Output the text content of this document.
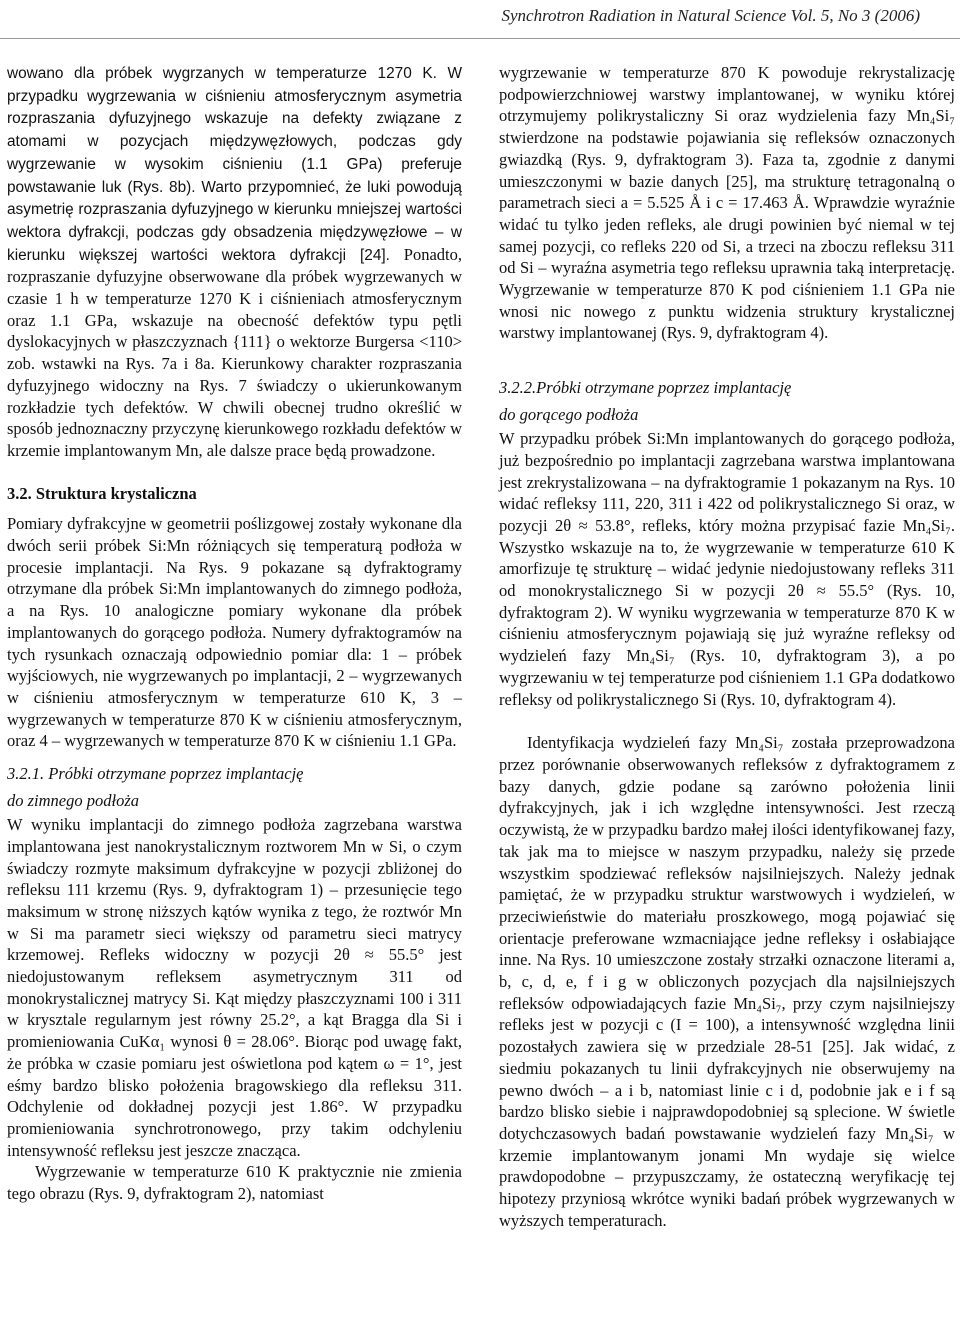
Synchrotron Radiation in Natural Science Vol. 5, No 3 (2006)

wowano dla próbek wygrzanych w temperaturze 1270 K. W przypadku wygrzewania w ciśnieniu atmosferycznym asymetria rozpraszania dyfuzyjnego wskazuje na defekty związane z atomami w pozycjach międzywęzłowych, podczas gdy wygrzewanie w wysokim ciśnieniu (1.1 GPa) preferuje powstawanie luk (Rys. 8b). Warto przypomnieć, że luki powodują asymetrię rozpraszania dyfuzyjnego w kierunku mniejszej wartości wektora dyfrakcji, podczas gdy obsadzenia międzywęzłowe – w kierunku większej wartości wektora dyfrakcji [24]. Ponadto, rozpraszanie dyfuzyjne obserwowane dla próbek wygrzewanych w czasie 1 h w temperaturze 1270 K i ciśnieniach atmosferycznym oraz 1.1 GPa, wskazuje na obecność defektów typu pętli dyslokacyjnych w płaszczyznach {111} o wektorze Burgersa <110> zob. wstawki na Rys. 7a i 8a. Kierunkowy charakter rozpraszania dyfuzyjnego widoczny na Rys. 7 świadczy o ukierunkowanym rozkładzie tych defektów. W chwili obecnej trudno określić w sposób jednoznaczny przyczynę kierunkowego rozkładu defektów w krzemie implantowanym Mn, ale dalsze prace będą prowadzone.

3.2. Struktura krystaliczna

Pomiary dyfrakcyjne w geometrii poślizgowej zostały wykonane dla dwóch serii próbek Si:Mn różniących się temperaturą podłoża w procesie implantacji. Na Rys. 9 pokazane są dyfraktogramy otrzymane dla próbek Si:Mn implantowanych do zimnego podłoża, a na Rys. 10 analogiczne pomiary wykonane dla próbek implantowanych do gorącego podłoża. Numery dyfraktogramów na tych rysunkach oznaczają odpowiednio pomiar dla: 1 – próbek wyjściowych, nie wygrzewanych po implantacji, 2 – wygrzewanych w ciśnieniu atmosferycznym w temperaturze 610 K, 3 – wygrzewanych w temperaturze 870 K w ciśnieniu atmosferycznym, oraz 4 – wygrzewanych w temperaturze 870 K w ciśnieniu 1.1 GPa.

3.2.1. Próbki otrzymane poprzez implantację
do zimnego podłoża

W wyniku implantacji do zimnego podłoża zagrzebana warstwa implantowana jest nanokrystalicznym roztworem Mn w Si, o czym świadczy rozmyte maksimum dyfrakcyjne w pozycji zbliżonej do refleksu 111 krzemu (Rys. 9, dyfraktogram 1) – przesunięcie tego maksimum w stronę niższych kątów wynika z tego, że roztwór Mn w Si ma parametr sieci większy od parametru sieci matrycy krzemowej. Refleks widoczny w pozycji 2θ ≈ 55.5° jest niedojustowanym refleksem asymetrycznym 311 od monokrystalicznej matrycy Si. Kąt między płaszczyznami 100 i 311 w krysztale regularnym jest równy 25.2°, a kąt Bragga dla Si i promieniowania CuKα₁ wynosi θ = 28.06°. Biorąc pod uwagę fakt, że próbka w czasie pomiaru jest oświetlona pod kątem ω = 1°, jest eśmy bardzo blisko położenia bragowskiego dla refleksu 311. Odchylenie od dokładnej pozycji jest 1.86°. W przypadku promieniowania synchrotronowego, przy takim odchyleniu intensywność refleksu jest jeszcze znacząca.

Wygrzewanie w temperaturze 610 K praktycznie nie zmienia tego obrazu (Rys. 9, dyfraktogram 2), natomiast

wygrzewanie w temperaturze 870 K powoduje rekrystalizację podpowierzchniowej warstwy implantowanej, w wyniku której otrzymujemy polikrystaliczny Si oraz wydzielenia fazy Mn₄Si₇ stwierdzone na podstawie pojawiania się refleksów oznaczonych gwiazdką (Rys. 9, dyfraktogram 3). Faza ta, zgodnie z danymi umieszczonymi w bazie danych [25], ma strukturę tetragonalną o parametrach sieci a = 5.525 Å i c = 17.463 Å. Wprawdzie wyraźnie widać tu tylko jeden refleks, ale drugi powinien być niemal w tej samej pozycji, co refleks 220 od Si, a trzeci na zboczu refleksu 311 od Si – wyraźna asymetria tego refleksu uprawnia taką interpretację. Wygrzewanie w temperaturze 870 K pod ciśnieniem 1.1 GPa nie wnosi nic nowego z punktu widzenia struktury krystalicznej warstwy implantowanej (Rys. 9, dyfraktogram 4).

3.2.2.Próbki otrzymane poprzez implantację
do gorącego podłoża

W przypadku próbek Si:Mn implantowanych do gorącego podłoża, już bezpośrednio po implantacji zagrzebana warstwa implantowana jest zrekrystalizowana – na dyfraktogramie 1 pokazanym na Rys. 10 widać refleksy 111, 220, 311 i 422 od polikrystalicznego Si oraz, w pozycji 2θ ≈ 53.8°, refleks, który można przypisać fazie Mn₄Si₇. Wszystko wskazuje na to, że wygrzewanie w temperaturze 610 K amorfizuje tę strukturę – widać jedynie niedojustowany refleks 311 od monokrystalicznego Si w pozycji 2θ ≈ 55.5° (Rys. 10, dyfraktogram 2). W wyniku wygrzewania w temperaturze 870 K w ciśnieniu atmosferycznym pojawiają się już wyraźne refleksy od wydzieleń fazy Mn₄Si₇ (Rys. 10, dyfraktogram 3), a po wygrzewaniu w tej temperaturze pod ciśnieniem 1.1 GPa dodatkowo refleksy od polikrystalicznego Si (Rys. 10, dyfraktogram 4).

Identyfikacja wydzieleń fazy Mn₄Si₇ została przeprowadzona przez porównanie obserwowanych refleksów z dyfraktogramem z bazy danych, gdzie podane są zarówno położenia linii dyfrakcyjnych, jak i ich względne intensywności. Jest rzeczą oczywistą, że w przypadku bardzo małej ilości identyfikowanej fazy, tak jak ma to miejsce w naszym przypadku, należy się przede wszystkim spodziewać refleksów najsilniejszych. Należy jednak pamiętać, że w przypadku struktur warstwowych i wydzieleń, w przeciwieństwie do materiału proszkowego, mogą pojawiać się orientacje preferowane wzmacniające jedne refleksy i osłabiające inne. Na Rys. 10 umieszczone zostały strzałki oznaczone literami a, b, c, d, e, f i g w obliczonych pozycjach dla najsilniejszych refleksów odpowiadających fazie Mn₄Si₇, przy czym najsilniejszy refleks jest w pozycji c (I = 100), a intensywność względna linii pozostałych zawiera się w przedziale 28-51 [25]. Jak widać, z siedmiu pokazanych tu linii dyfrakcyjnych nie obserwujemy na pewno dwóch – a i b, natomiast linie c i d, podobnie jak e i f są bardzo blisko siebie i najprawdopodobniej są splecione. W świetle dotychczasowych badań powstawanie wydzieleń fazy Mn₄Si₇ w krzemie implantowanym jonami Mn wydaje się wielce prawdopodobne – przypuszczamy, że ostateczną weryfikację tej hipotezy przyniosą wkrótce wyniki badań próbek wygrzewanych w wyższych temperaturach.
